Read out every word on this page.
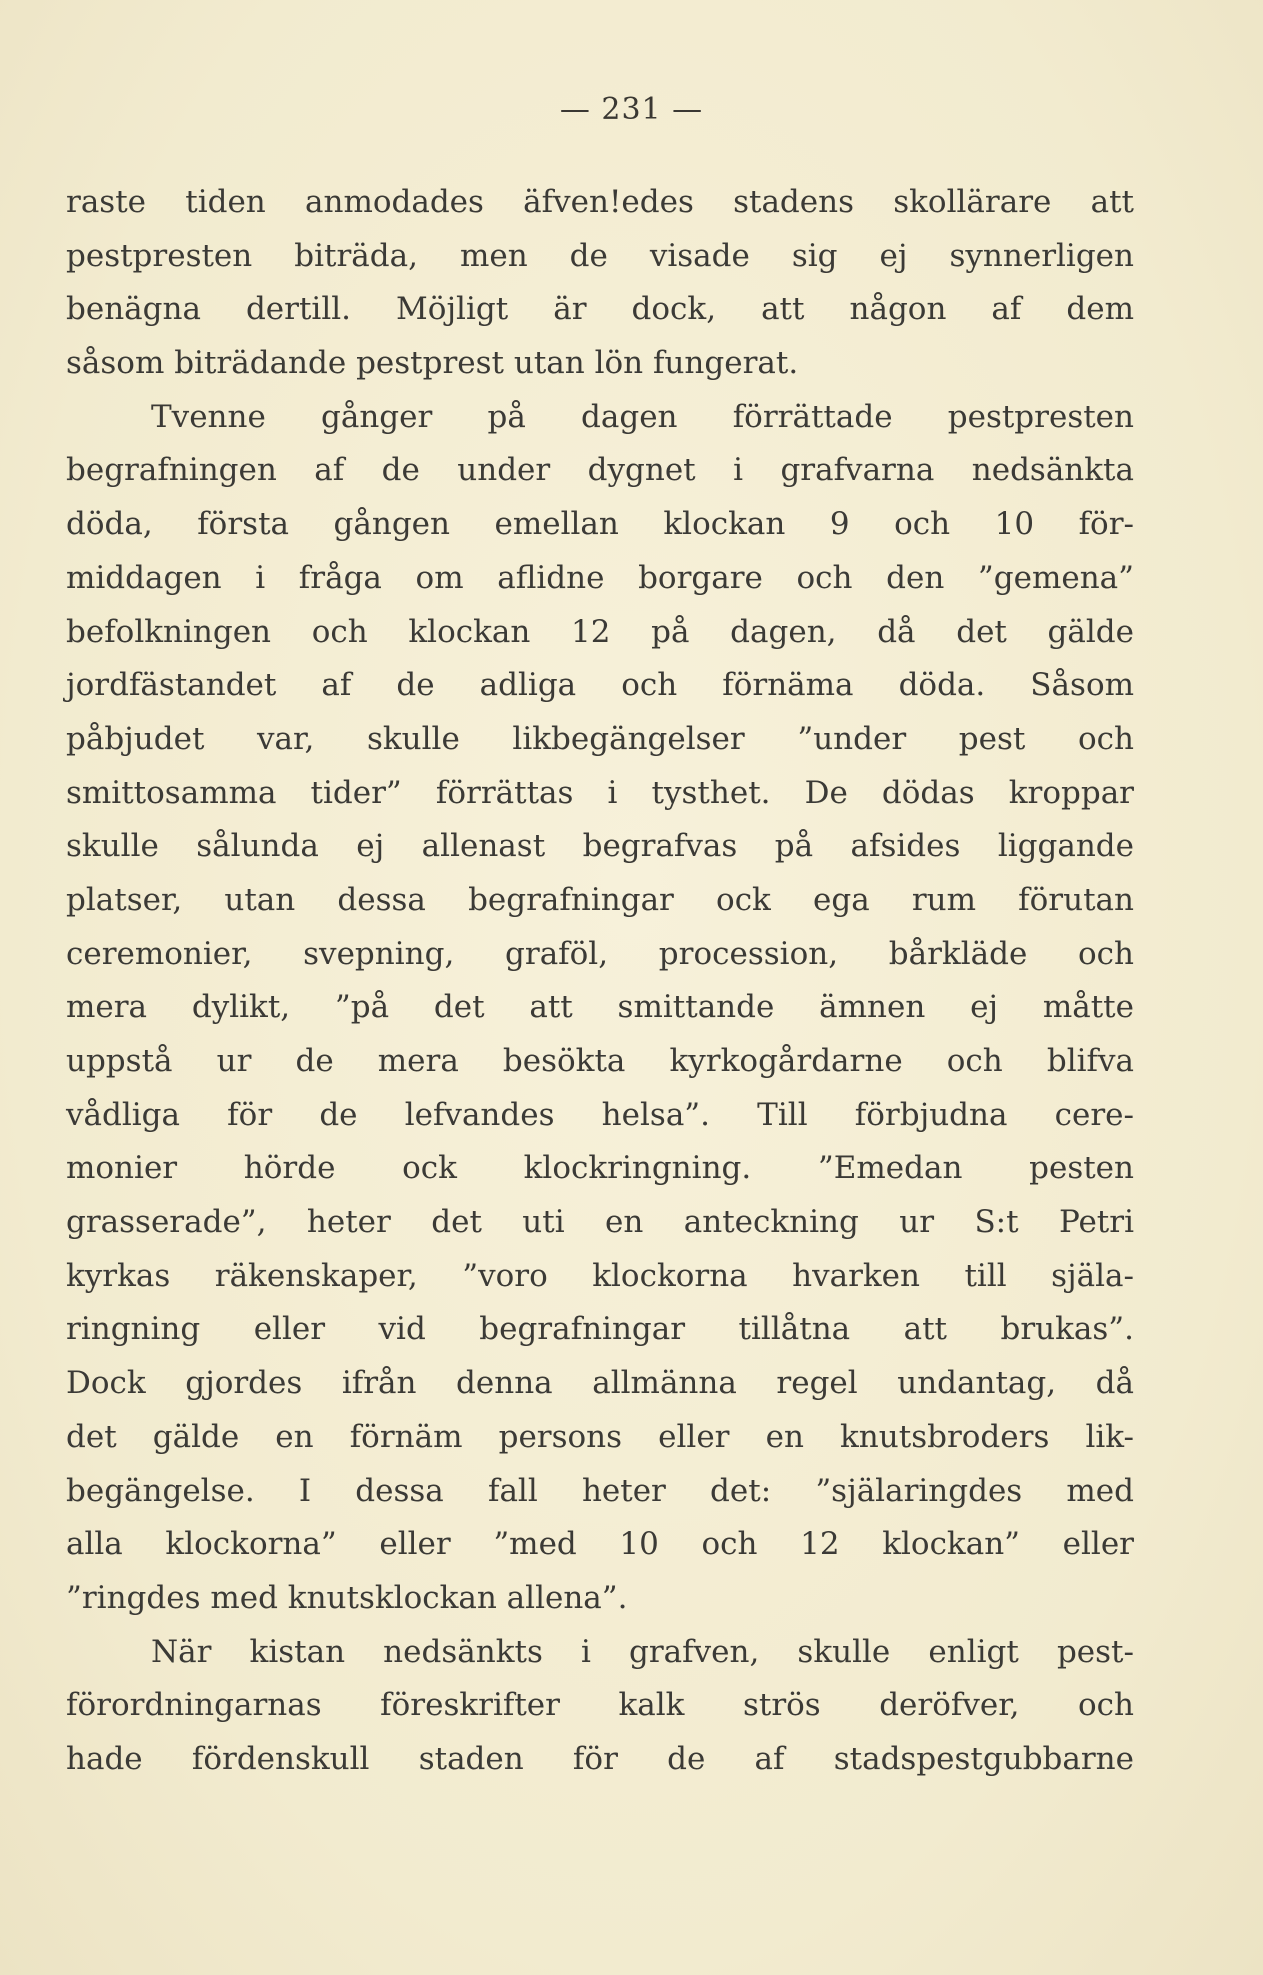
— 231 —
raste tiden anmodades äfven!edes stadens skollärare att
pestpresten biträda, men de visade sig ej synnerligen
benägna dertill. Möjligt är dock, att någon af dem
såsom biträdande pestprest utan lön fungerat.
Tvenne gånger på dagen förrättade pestpresten
begrafningen af de under dygnet i grafvarna nedsänkta
döda, första gången emellan klockan 9 och 10 för-
middagen i fråga om aflidne borgare och den ”gemena”
befolkningen och klockan 12 på dagen, då det gälde
jordfästandet af de adliga och förnäma döda. Såsom
påbjudet var, skulle likbegängelser ”under pest och
smittosamma tider” förrättas i tysthet. De dödas kroppar
skulle sålunda ej allenast begrafvas på afsides liggande
platser, utan dessa begrafningar ock ega rum förutan
ceremonier, svepning, graföl, procession, bårkläde och
mera dylikt, ”på det att smittande ämnen ej måtte
uppstå ur de mera besökta kyrkogårdarne och blifva
vådliga för de lefvandes helsa”. Till förbjudna cere-
monier hörde ock klockringning. ”Emedan pesten
grasserade”, heter det uti en anteckning ur S:t Petri
kyrkas räkenskaper, ”voro klockorna hvarken till själa-
ringning eller vid begrafningar tillåtna att brukas”.
Dock gjordes ifrån denna allmänna regel undantag, då
det gälde en förnäm persons eller en knutsbroders lik-
begängelse. I dessa fall heter det: ”själaringdes med
alla klockorna” eller ”med 10 och 12 klockan” eller
”ringdes med knutsklockan allena”.
När kistan nedsänkts i grafven, skulle enligt pest-
förordningarnas föreskrifter kalk strös deröfver, och
hade fördenskull staden för de af stadspestgubbarne
